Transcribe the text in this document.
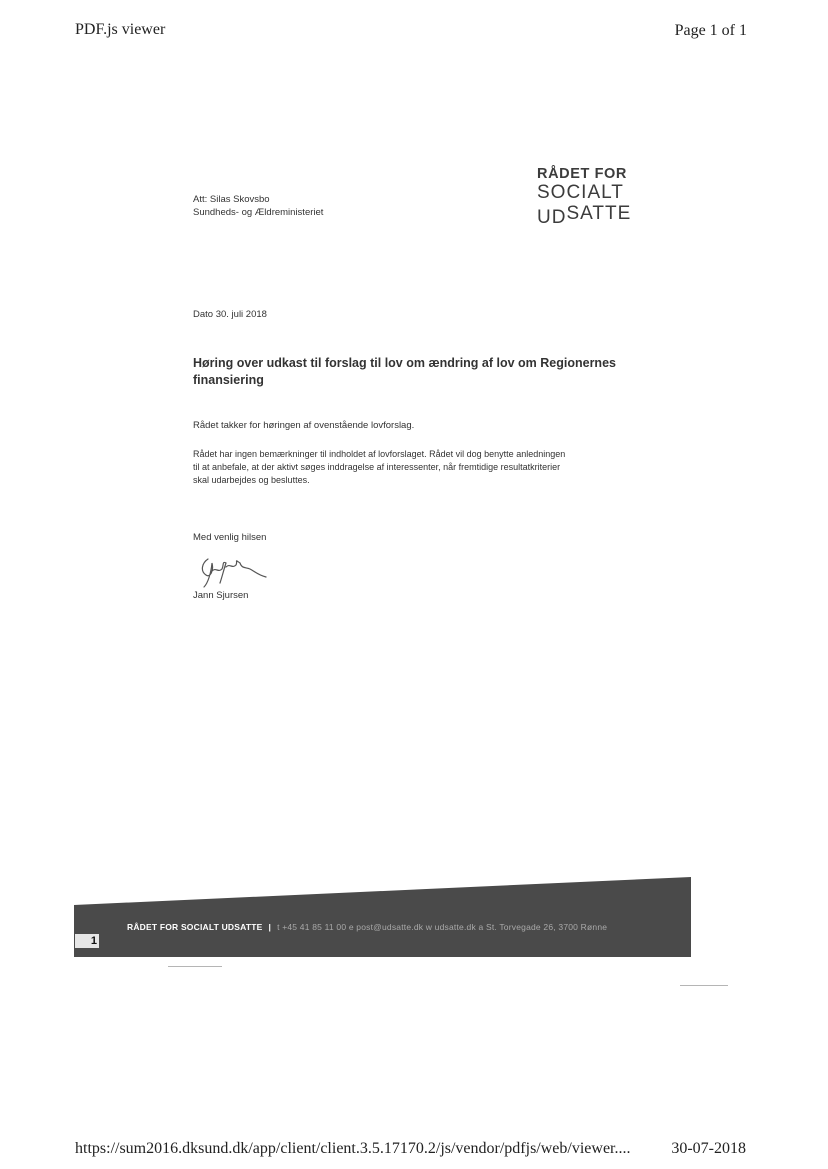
PDF.js viewer	Page 1 of 1
Att: Silas Skovsbo
Sundheds- og Ældreministeriet
RÅDET FOR
SOCIALT
UDSATTE
Dato 30. juli 2018
Høring over udkast til forslag til lov om ændring af lov om Regionernes
finansiering
Rådet takker for høringen af ovenstående lovforslag.
Rådet har ingen bemærkninger til indholdet af lovforslaget. Rådet vil dog benytte anledningen
til at anbefale, at der aktivt søges inddragelse af interessenter, når fremtidige resultatkriterier
skal udarbejdes og besluttes.
Med venlig hilsen
Jann Sjursen
RÅDET FOR SOCIALT UDSATTE | t +45 41 85 11 00 e post@udsatte.dk w udsatte.dk a St. Torvegade 26, 3700 Rønne
1
https://sum2016.dksund.dk/app/client/client.3.5.17170.2/js/vendor/pdfjs/web/viewer....	30-07-2018
